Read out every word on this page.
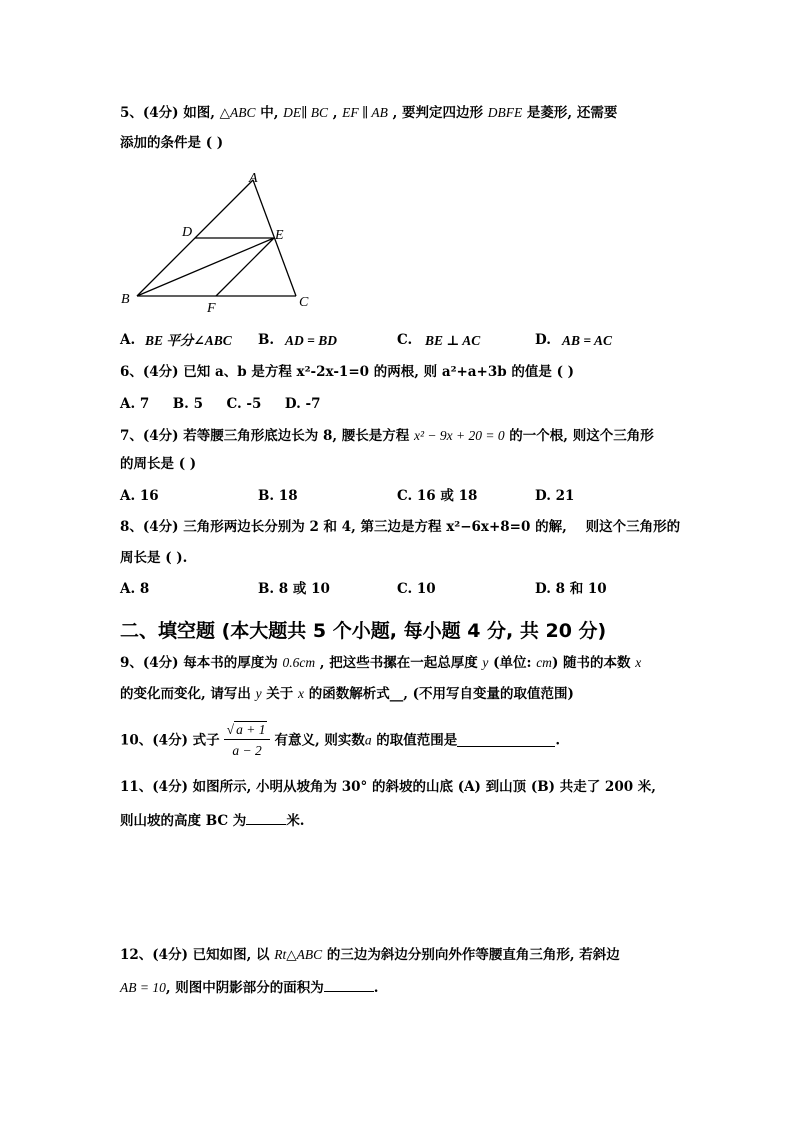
5、(4分) 如图, △ABC 中, DE∥ BC , EF ∥ AB , 要判定四边形 DBFE 是菱形, 还需要
添加的条件是 ( )
A
D	E
B
F	C
A. BE 平分∠ABC B. AD = BD	C. BE ⊥ AC	D. AB = AC
6、(4分) 已知 a、b 是方程 x²-2x-1=0 的两根, 则 a²+a+3b 的值是 ( )
A. 7     B. 5     C. -5     D. -7
7、(4分) 若等腰三角形底边长为 8, 腰长是方程 x² − 9x + 20 = 0 的一个根, 则这个三角形
的周长是 ( )
A. 16	B. 18	C. 16 或 18	D. 21
8、(4分) 三角形两边长分别为 2 和 4, 第三边是方程 x²−6x+8=0 的解,    则这个三角形的
周长是 ( ).
A. 8	B. 8 或 10	C. 10	D. 8 和 10
二、填空题 (本大题共 5 个小题, 每小题 4 分, 共 20 分)
9、(4分) 每本书的厚度为 0.6cm , 把这些书摞在一起总厚度 y (单位: cm) 随书的本数 x
的变化而变化, 请写出 y 关于 x 的函数解析式__, (不用写自变量的取值范围)
10、(4分) 式子 $\frac{√ a + 1}{a - 2}$ 有意义, 则实数a 的取值范围是	.
11、(4分) 如图所示, 小明从坡角为 30° 的斜坡的山底 (A) 到山顶 (B) 共走了 200 米,
则山坡的高度 BC 为	米.
12、(4分) 已知如图, 以 Rt△ABC 的三边为斜边分别向外作等腰直角三角形, 若斜边
AB = 10, 则图中阴影部分的面积为	.
